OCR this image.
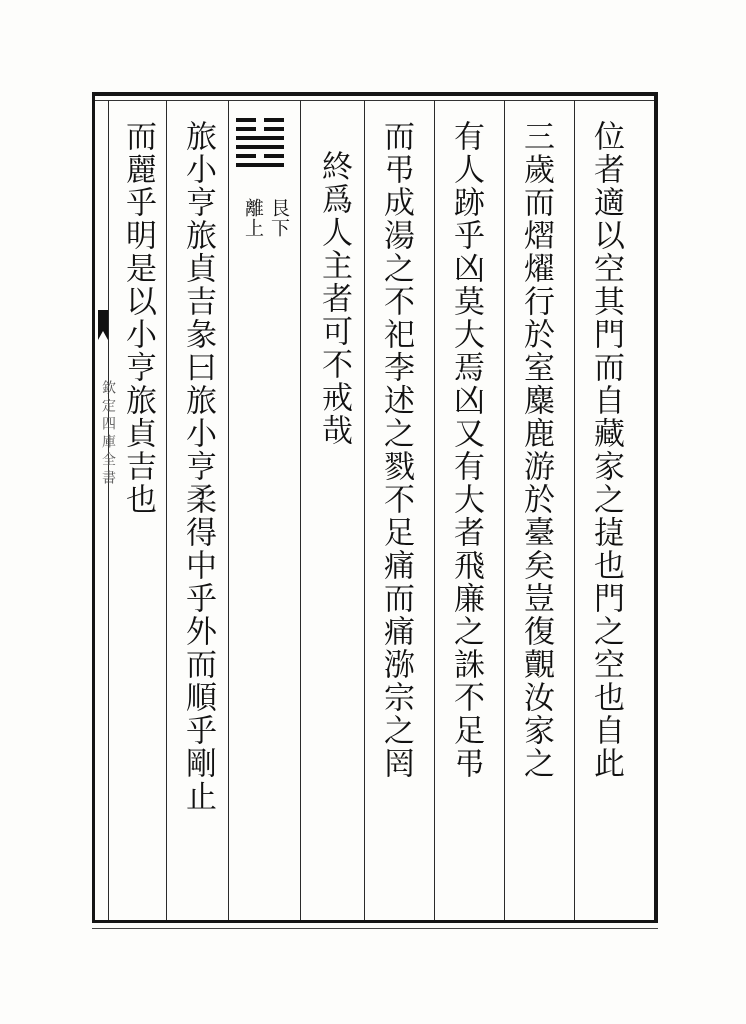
欽定四庫全書	位者適以空其門而自藏家之㨗也門之空也自此
三歲而熠燿行於室麋鹿游於臺矣豈復覿汝家之
有人跡乎凶莫大焉凶又有大者飛廉之誅不足弔
而弔成湯之不祀李述之戮不足痛而痛㳽宗之罔
終爲人主者可不戒哉
艮下
離上
旅小亨旅貞吉彖曰旅小亨柔得中乎外而順乎剛止
而麗乎明是以小亨旅貞吉也
